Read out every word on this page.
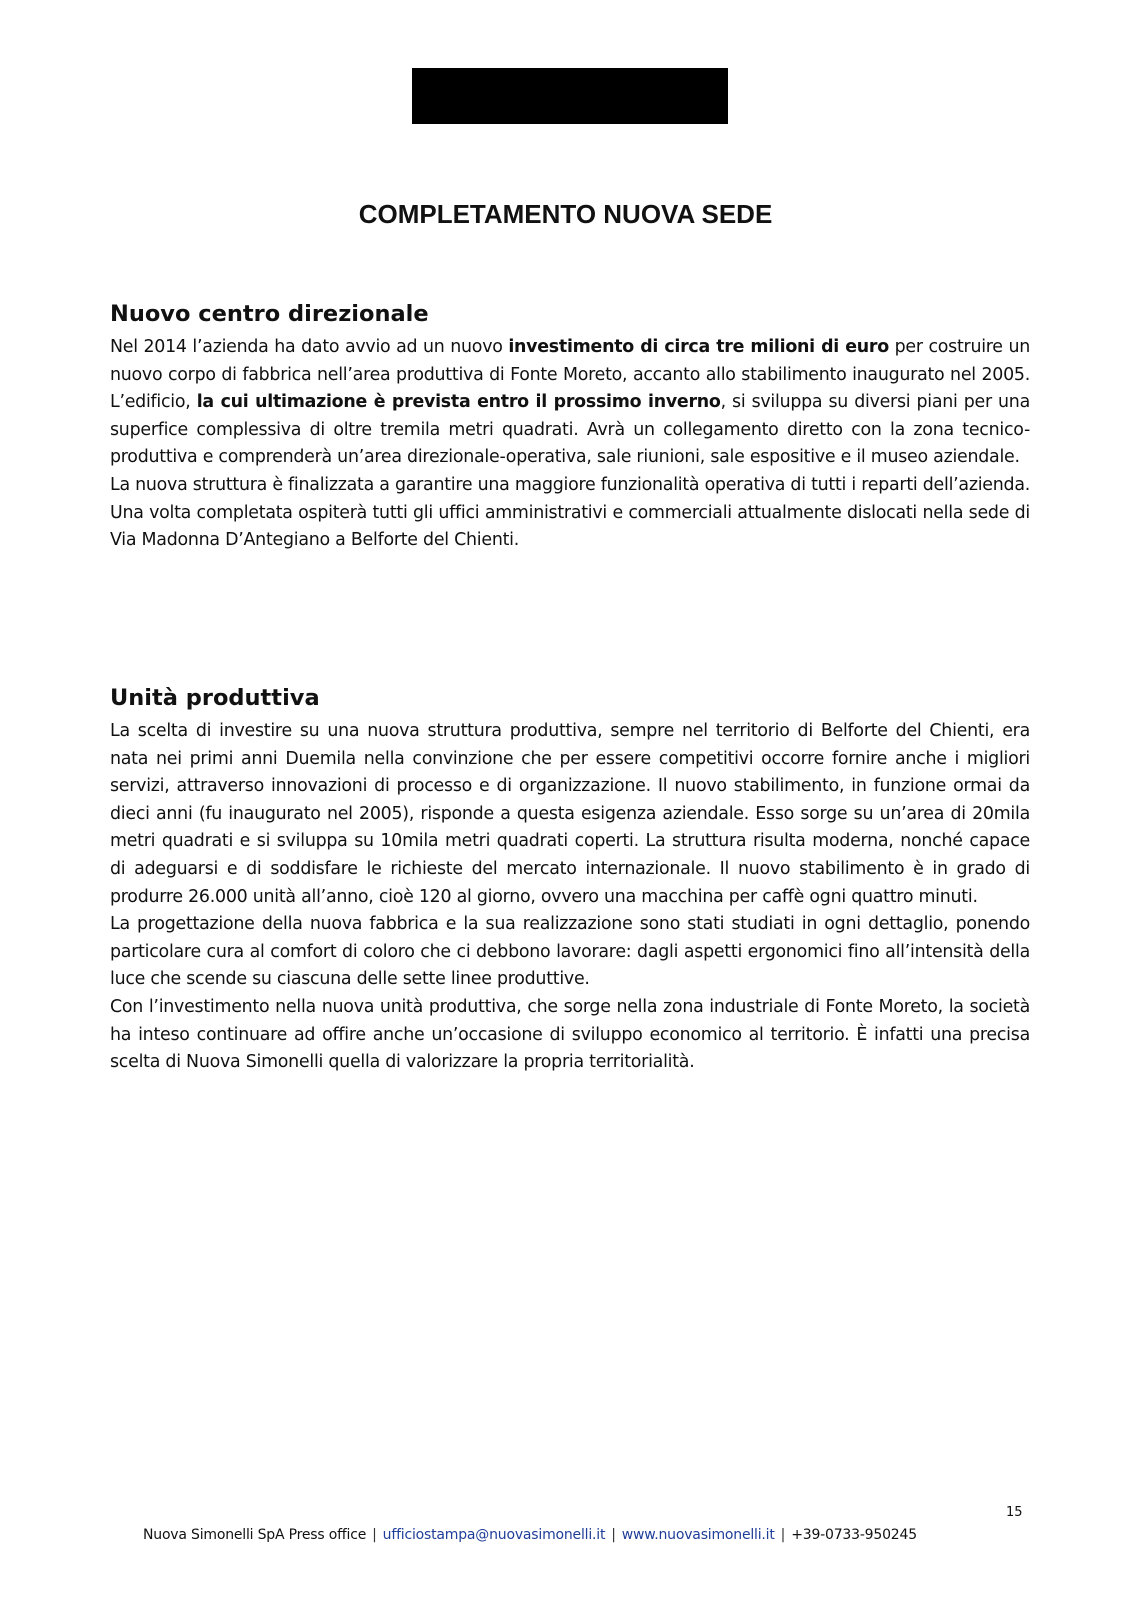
COMPLETAMENTO NUOVA SEDE
Nuovo centro direzionale

Nel 2014 l’azienda ha dato avvio ad un nuovo investimento di circa tre milioni di euro per costruire un nuovo corpo di fabbrica nell’area produttiva di Fonte Moreto, accanto allo stabilimento inaugurato nel 2005. L’edificio, la cui ultimazione è prevista entro il prossimo inverno, si sviluppa su diversi piani per una superfice complessiva di oltre tremila metri quadrati. Avrà un collegamento diretto con la zona tecnico-produttiva e comprenderà un’area direzionale-operativa, sale riunioni, sale espositive e il museo aziendale.

La nuova struttura è finalizzata a garantire una maggiore funzionalità operativa di tutti i reparti dell’azienda. Una volta completata ospiterà tutti gli uffici amministrativi e commerciali attualmente dislocati nella sede di Via Madonna D’Antegiano a Belforte del Chienti.

Unità produttiva

La scelta di investire su una nuova struttura produttiva, sempre nel territorio di Belforte del Chienti, era nata nei primi anni Duemila nella convinzione che per essere competitivi occorre fornire anche i migliori servizi, attraverso innovazioni di processo e di organizzazione. Il nuovo stabilimento, in funzione ormai da dieci anni (fu inaugurato nel 2005), risponde a questa esigenza aziendale. Esso sorge su un’area di 20mila metri quadrati e si sviluppa su 10mila metri quadrati coperti. La struttura risulta moderna, nonché capace di adeguarsi e di soddisfare le richieste del mercato internazionale. Il nuovo stabilimento è in grado di produrre 26.000 unità all’anno, cioè 120 al giorno, ovvero una macchina per caffè ogni quattro minuti.

La progettazione della nuova fabbrica e la sua realizzazione sono stati studiati in ogni dettaglio, ponendo particolare cura al comfort di coloro che ci debbono lavorare: dagli aspetti ergonomici fino all’intensità della luce che scende su ciascuna delle sette linee produttive.

Con l’investimento nella nuova unità produttiva, che sorge nella zona industriale di Fonte Moreto, la società ha inteso continuare ad offire anche un’occasione di sviluppo economico al territorio. È infatti una precisa scelta di Nuova Simonelli quella di valorizzare la propria territorialità.

15
Nuova Simonelli SpA Press office | ufficiostampa@nuovasimonelli.it | www.nuovasimonelli.it | +39-0733-950245
